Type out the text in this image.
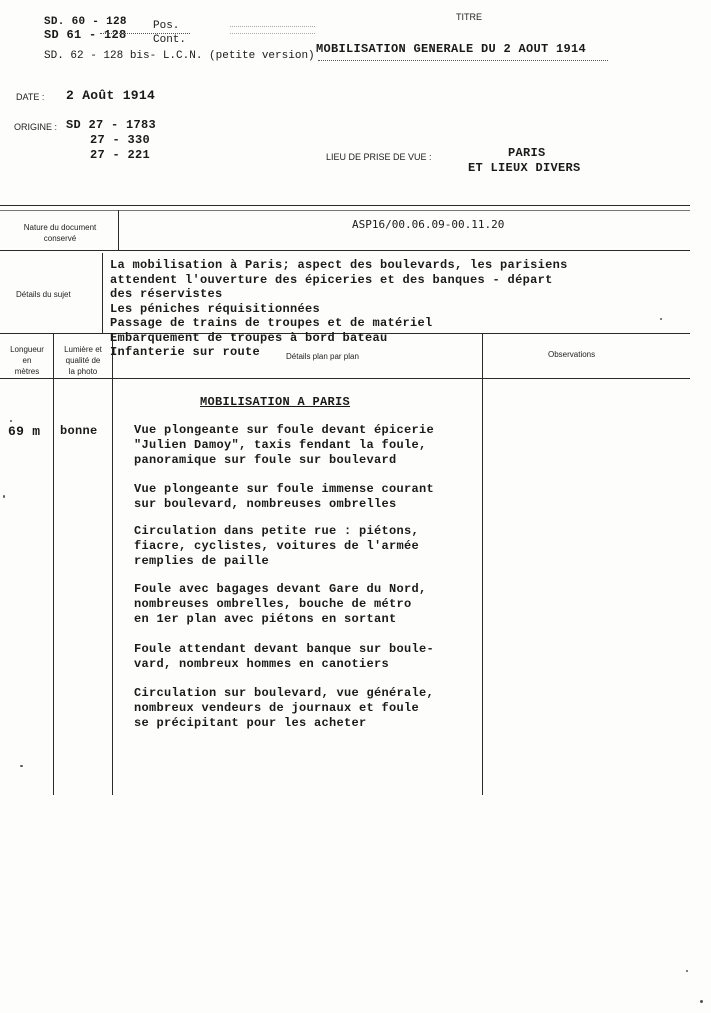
SD. 60 - 128
SD 61 - 128
SD. 62 - 128 bis- L.C.N. (petite version)
Pos.
Cont.
TITRE
MOBILISATION GENERALE DU 2 AOUT 1914
DATE : 2 Août 1914
ORIGINE : SD 27 - 1783
27 - 330
27 - 221	LIEU DE PRISE DE VUE :	PARIS
ET LIEUX DIVERS
Nature du document
conservé
ASP16/00.06.09-00.11.20
Détails du sujet
La mobilisation à Paris; aspect des boulevards, les parisiens
attendent l'ouverture des épiceries et des banques - départ
des réservistes
Les péniches réquisitionnées
Passage de trains de troupes et de matériel
Embarquement de troupes à bord bateau
Infanterie sur route
Longueur
en
mètres
Lumière et
qualité de
la photo
Détails plan par plan	Observations
69 m bonne
MOBILISATION A PARIS
Vue plongeante sur foule devant épicerie
"Julien Damoy", taxis fendant la foule,
panoramique sur foule sur boulevard
Vue plongeante sur foule immense courant
sur boulevard, nombreuses ombrelles
Circulation dans petite rue : piétons,
fiacre, cyclistes, voitures de l'armée
remplies de paille
Foule avec bagages devant Gare du Nord,
nombreuses ombrelles, bouche de métro
en 1er plan avec piétons en sortant
Foule attendant devant banque sur boule-
vard, nombreux hommes en canotiers
Circulation sur boulevard, vue générale,
nombreux vendeurs de journaux et foule
se précipitant pour les acheter
